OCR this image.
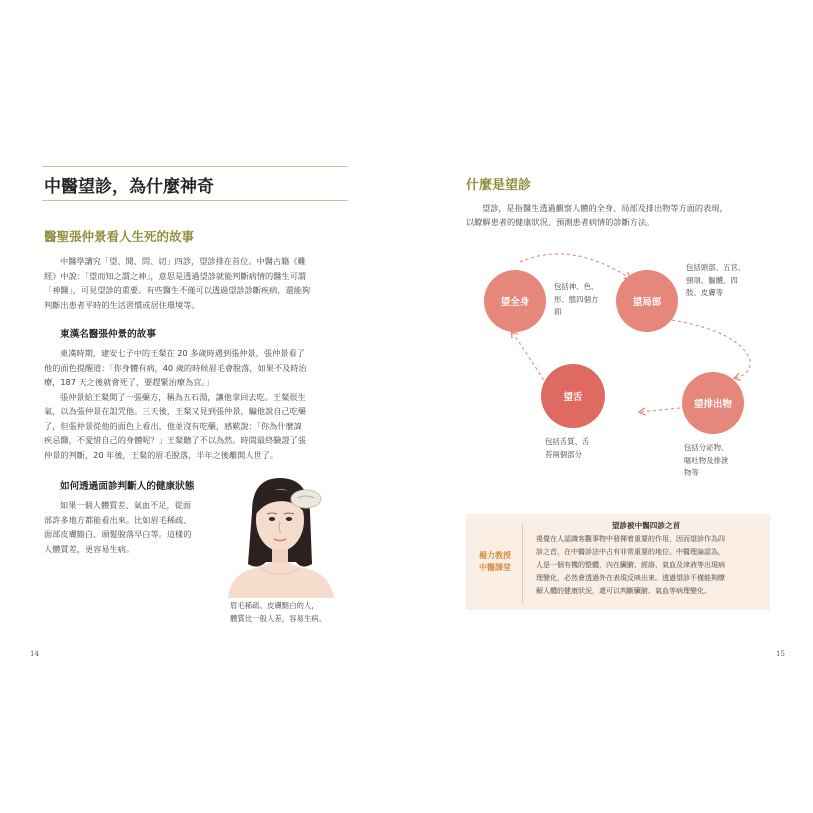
中醫望診，為什麼神奇
醫聖張仲景看人生死的故事
中醫學講究「望、聞、問、切」四診，望診排在首位。中醫古籍《難
經》中說：「望而知之謂之神」，意思是透過望診就能判斷病情的醫生可謂
「神醫」，可見望診的重要。有些醫生不僅可以透過望診診斷疾病，還能夠
判斷出患者平時的生活習慣或居住環境等。
東漢名醫張仲景的故事
東漢時期，建安七子中的王粲在 20 多歲時遇到張仲景，張仲景看了
他的面色提醒道：「你身體有病，40 歲的時候眉毛會脫落，如果不及時治
療，187 天之後就會死了，要趕緊治療為宜。」
張仲景給王粲開了一張藥方，稱為五石湯，讓他拿回去吃。王粲很生
氣，以為張仲景在詛咒他。三天後，王粲又見到張仲景，騙他說自己吃藥
了，但張仲景從他的面色上看出，他並沒有吃藥，感歎說：「你為什麼諱
疾忌醫，不愛惜自己的身體呢？」王粲聽了不以為然。時間最終驗證了張
仲景的判斷，20 年後，王粲的眉毛脫落，半年之後離開人世了。
如何透過面診判斷人的健康狀態
如果一個人體質差、氣血不足，從面
部許多地方都能看出來。比如眉毛稀疏、
面部皮膚黯白、頭髮脫落早白等。這樣的
人體質差，更容易生病。
眉毛稀疏、皮膚黯白的人，
體質比一般人差，容易生病。
14
什麼是望診
望診，是指醫生透過觀察人體的全身、局部及排出物等方面的表現，
以瞭解患者的健康狀況、預測患者病情的診斷方法。
望全身
包括神、色、
形、態四個方
面
望局部
包括頭部、五官、
頸項、軀體、四
肢、皮膚等
望排出物
包括分泌物、
嘔吐物及排泄
物等
望舌
包括舌質、舌
苔兩個部分
楊力教授
中醫課堂
望診被中醫四診之首
視覺在人認識客觀事物中發揮着重要的作用，因而望診作為四
診之首，在中醫診法中占有非常重要的地位。中醫理論認為，
人是一個有機的整體，內在臟腑、經絡、氣血及津液等出現病
理變化，必然會透過外在表現反映出來。透過望診不僅能夠瞭
解人體的健康狀況，還可以判斷臟腑、氣血等病理變化。
15
